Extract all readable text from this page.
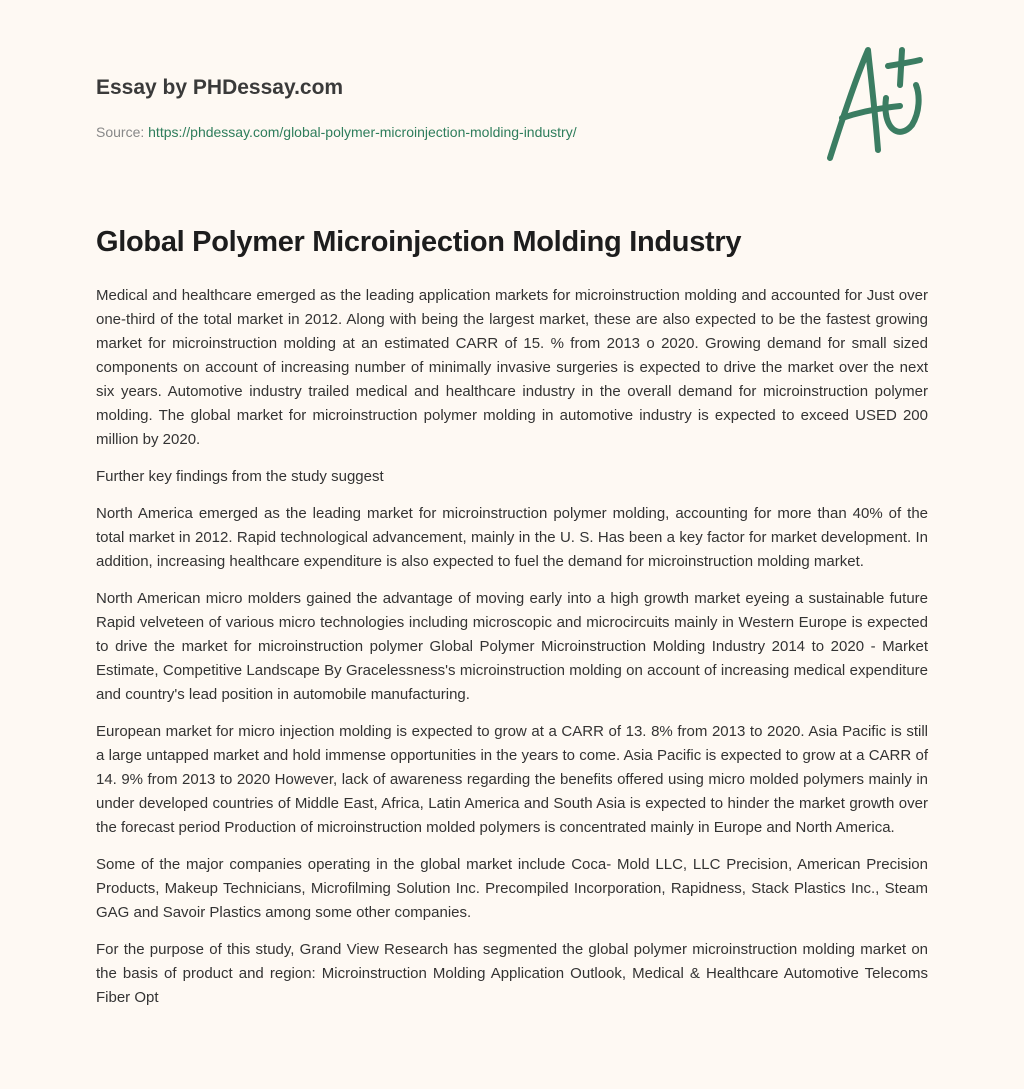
Essay by PHDessay.com
Source: https://phdessay.com/global-polymer-microinjection-molding-industry/
Global Polymer Microinjection Molding Industry

Medical and healthcare emerged as the leading application markets for microinstruction molding and accounted for Just over one-third of the total market in 2012. Along with being the largest market, these are also expected to be the fastest growing market for microinstruction molding at an estimated CARR of 15. % from 2013 o 2020. Growing demand for small sized components on account of increasing number of minimally invasive surgeries is expected to drive the market over the next six years. Automotive industry trailed medical and healthcare industry in the overall demand for microinstruction polymer molding. The global market for microinstruction polymer molding in automotive industry is expected to exceed USED 200 million by 2020.

Further key findings from the study suggest

North America emerged as the leading market for microinstruction polymer molding, accounting for more than 40% of the total market in 2012. Rapid technological advancement, mainly in the U. S. Has been a key factor for market development. In addition, increasing healthcare expenditure is also expected to fuel the demand for microinstruction molding market.

North American micro molders gained the advantage of moving early into a high growth market eyeing a sustainable future Rapid velveteen of various micro technologies including microscopic and microcircuits mainly in Western Europe is expected to drive the market for microinstruction polymer Global Polymer Microinstruction Molding Industry 2014 to 2020 - Market Estimate, Competitive Landscape By Gracelessness's microinstruction molding on account of increasing medical expenditure and country's lead position in automobile manufacturing.

European market for micro injection molding is expected to grow at a CARR of 13. 8% from 2013 to 2020. Asia Pacific is still a large untapped market and hold immense opportunities in the years to come. Asia Pacific is expected to grow at a CARR of 14. 9% from 2013 to 2020 However, lack of awareness regarding the benefits offered using micro molded polymers mainly in under developed countries of Middle East, Africa, Latin America and South Asia is expected to hinder the market growth over the forecast period Production of microinstruction molded polymers is concentrated mainly in Europe and North America.

Some of the major companies operating in the global market include Coca- Mold LLC, LLC Precision, American Precision Products, Makeup Technicians, Microfilming Solution Inc. Precompiled Incorporation, Rapidness, Stack Plastics Inc., Steam GAG and Savoir Plastics among some other companies.

For the purpose of this study, Grand View Research has segmented the global polymer microinstruction molding market on the basis of product and region: Microinstruction Molding Application Outlook, Medical & Healthcare Automotive Telecoms Fiber Opt
